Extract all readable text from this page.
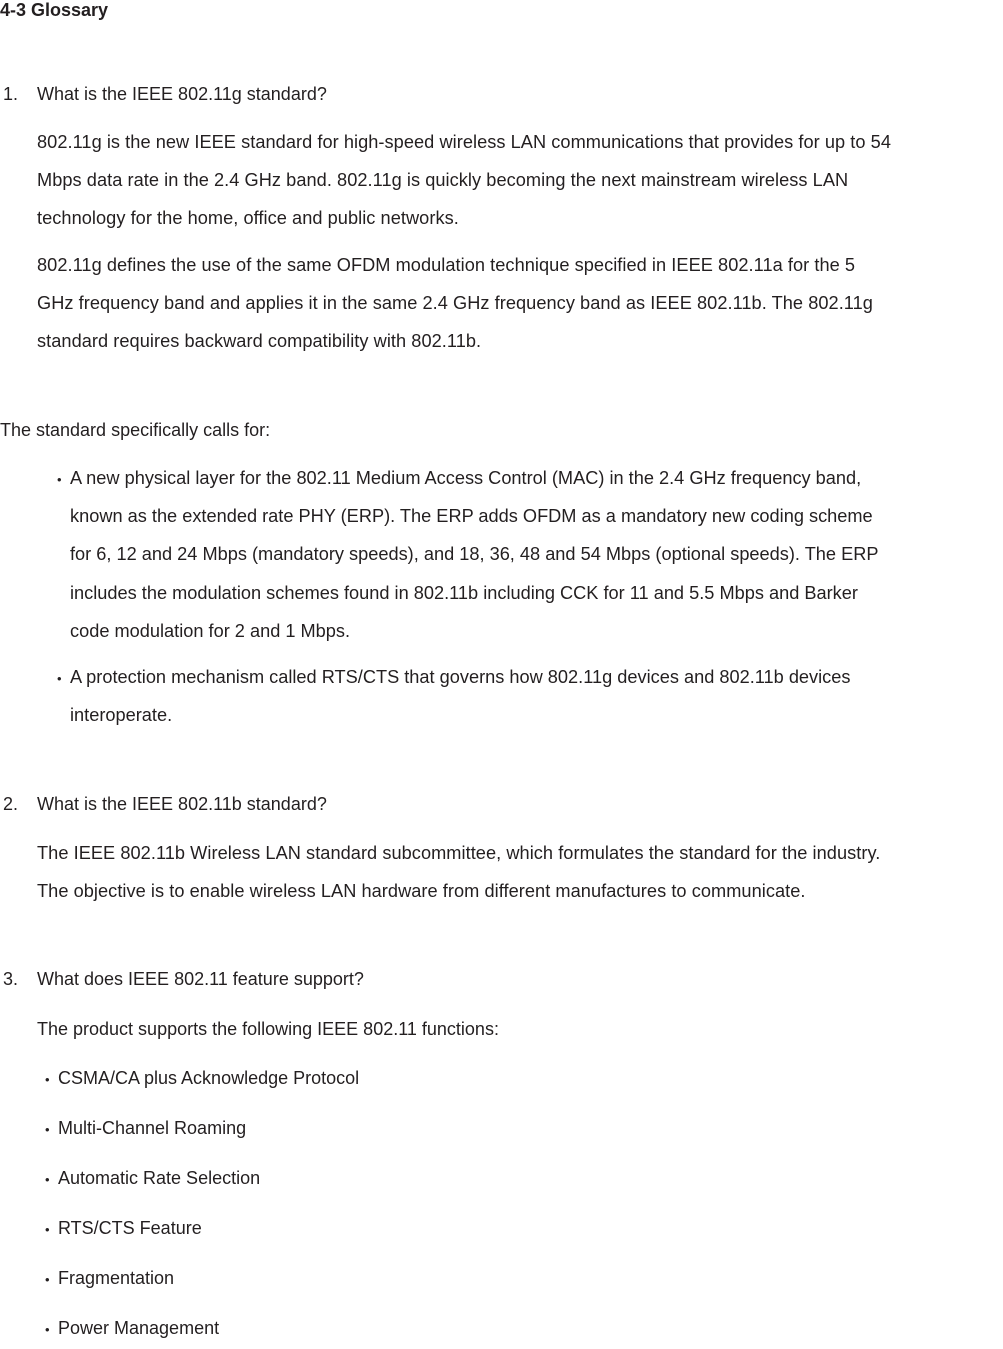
4-3 Glossary
1. What is the IEEE 802.11g standard?
802.11g is the new IEEE standard for high-speed wireless LAN communications that provides for up to 54
Mbps data rate in the 2.4 GHz band. 802.11g is quickly becoming the next mainstream wireless LAN
technology for the home, office and public networks.
802.11g defines the use of the same OFDM modulation technique specified in IEEE 802.11a for the 5
GHz frequency band and applies it in the same 2.4 GHz frequency band as IEEE 802.11b. The 802.11g
standard requires backward compatibility with 802.11b.
The standard specifically calls for:
• A new physical layer for the 802.11 Medium Access Control (MAC) in the 2.4 GHz frequency band,
known as the extended rate PHY (ERP). The ERP adds OFDM as a mandatory new coding scheme
for 6, 12 and 24 Mbps (mandatory speeds), and 18, 36, 48 and 54 Mbps (optional speeds). The ERP
includes the modulation schemes found in 802.11b including CCK for 11 and 5.5 Mbps and Barker
code modulation for 2 and 1 Mbps.
• A protection mechanism called RTS/CTS that governs how 802.11g devices and 802.11b devices
interoperate.
2. What is the IEEE 802.11b standard?
The IEEE 802.11b Wireless LAN standard subcommittee, which formulates the standard for the industry.
The objective is to enable wireless LAN hardware from different manufactures to communicate.
3. What does IEEE 802.11 feature support?
The product supports the following IEEE 802.11 functions:
• CSMA/CA plus Acknowledge Protocol
• Multi-Channel Roaming
• Automatic Rate Selection
• RTS/CTS Feature
• Fragmentation
• Power Management
